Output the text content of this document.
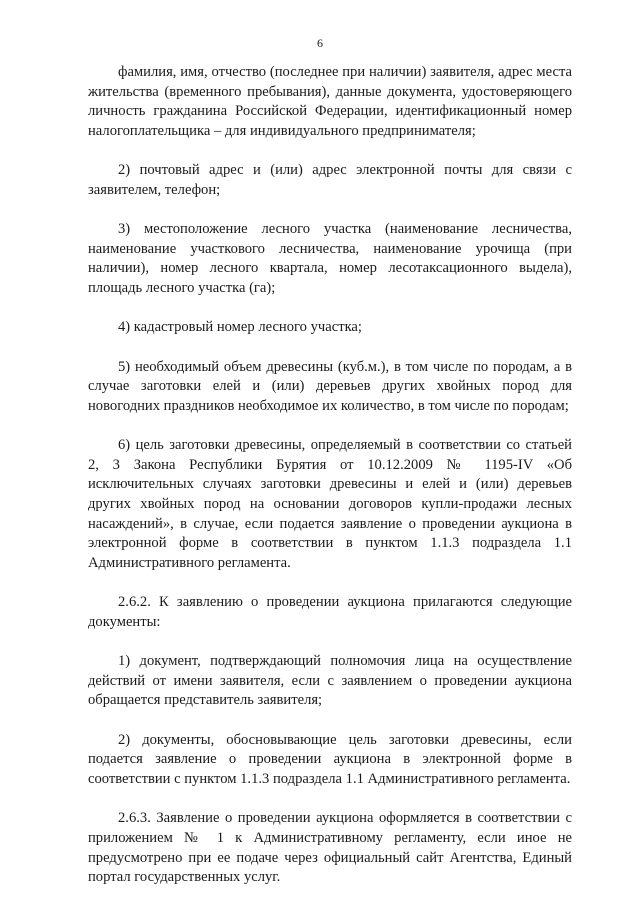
6

фамилия, имя, отчество (последнее при наличии) заявителя, адрес места жительства (временного пребывания), данные документа, удостоверяющего личность гражданина Российской Федерации, идентификационный номер налогоплательщика – для индивидуального предпринимателя;

2) почтовый адрес и (или) адрес электронной почты для связи с заявителем, телефон;

3) местоположение лесного участка (наименование лесничества, наименование участкового лесничества, наименование урочища (при наличии), номер лесного квартала, номер лесотаксационного выдела), площадь лесного участка (га);

4) кадастровый номер лесного участка;

5) необходимый объем древесины (куб.м.), в том числе по породам, а в случае заготовки елей и (или) деревьев других хвойных пород для новогодних праздников необходимое их количество, в том числе по породам;

6) цель заготовки древесины, определяемый в соответствии со статьей 2, 3 Закона Республики Бурятия от 10.12.2009 № 1195-IV «Об исключительных случаях заготовки древесины и елей и (или) деревьев других хвойных пород на основании договоров купли-продажи лесных насаждений», в случае, если подается заявление о проведении аукциона в электронной форме в соответствии в пунктом 1.1.3 подраздела 1.1 Административного регламента.

2.6.2. К заявлению о проведении аукциона прилагаются следующие документы:

1) документ, подтверждающий полномочия лица на осуществление действий от имени заявителя, если с заявлением о проведении аукциона обращается представитель заявителя;

2) документы, обосновывающие цель заготовки древесины, если подается заявление о проведении аукциона в электронной форме в соответствии с пунктом 1.1.3 подраздела 1.1 Административного регламента.

2.6.3. Заявление о проведении аукциона оформляется в соответствии с приложением № 1 к Административному регламенту, если иное не предусмотрено при ее подаче через официальный сайт Агентства, Единый портал государственных услуг.
